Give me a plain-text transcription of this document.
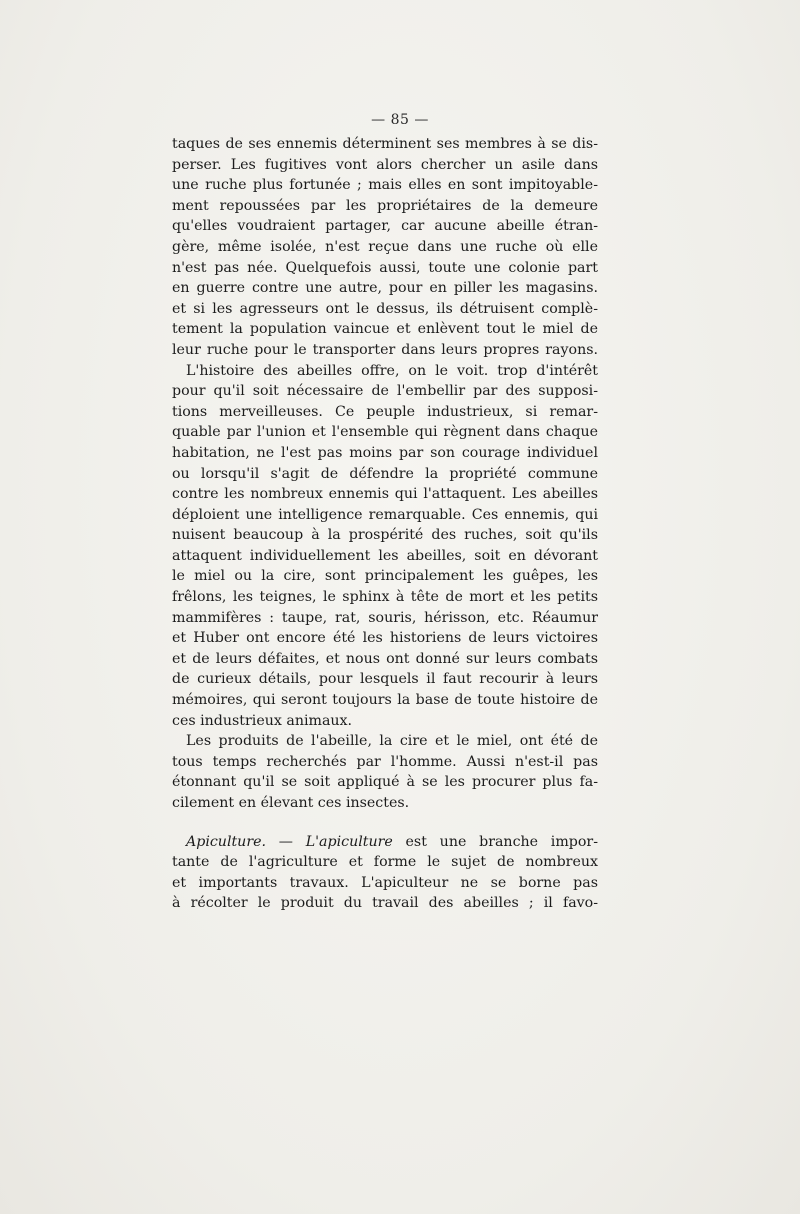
— 85 —
taques de ses ennemis déterminent ses membres à se dis-
perser. Les fugitives vont alors chercher un asile dans
une ruche plus fortunée ; mais elles en sont impitoyable-
ment repoussées par les propriétaires de la demeure
qu'elles voudraient partager, car aucune abeille étran-
gère, même isolée, n'est reçue dans une ruche où elle
n'est pas née. Quelquefois aussi, toute une colonie part
en guerre contre une autre, pour en piller les magasins.
et si les agresseurs ont le dessus, ils détruisent complè-
tement la population vaincue et enlèvent tout le miel de
leur ruche pour le transporter dans leurs propres rayons.
L'histoire des abeilles offre, on le voit. trop d'intérêt
pour qu'il soit nécessaire de l'embellir par des supposi-
tions merveilleuses. Ce peuple industrieux, si remar-
quable par l'union et l'ensemble qui règnent dans chaque
habitation, ne l'est pas moins par son courage individuel
ou lorsqu'il s'agit de défendre la propriété commune
contre les nombreux ennemis qui l'attaquent. Les abeilles
déploient une intelligence remarquable. Ces ennemis, qui
nuisent beaucoup à la prospérité des ruches, soit qu'ils
attaquent individuellement les abeilles, soit en dévorant
le miel ou la cire, sont principalement les guêpes, les
frêlons, les teignes, le sphinx à tête de mort et les petits
mammifères : taupe, rat, souris, hérisson, etc. Réaumur
et Huber ont encore été les historiens de leurs victoires
et de leurs défaites, et nous ont donné sur leurs combats
de curieux détails, pour lesquels il faut recourir à leurs
mémoires, qui seront toujours la base de toute histoire de
ces industrieux animaux.
Les produits de l'abeille, la cire et le miel, ont été de
tous temps recherchés par l'homme. Aussi n'est-il pas
étonnant qu'il se soit appliqué à se les procurer plus fa-
cilement en élevant ces insectes.
Apiculture. — L'apiculture est une branche impor-
tante de l'agriculture et forme le sujet de nombreux
et importants travaux. L'apiculteur ne se borne pas
à récolter le produit du travail des abeilles ; il favo-
